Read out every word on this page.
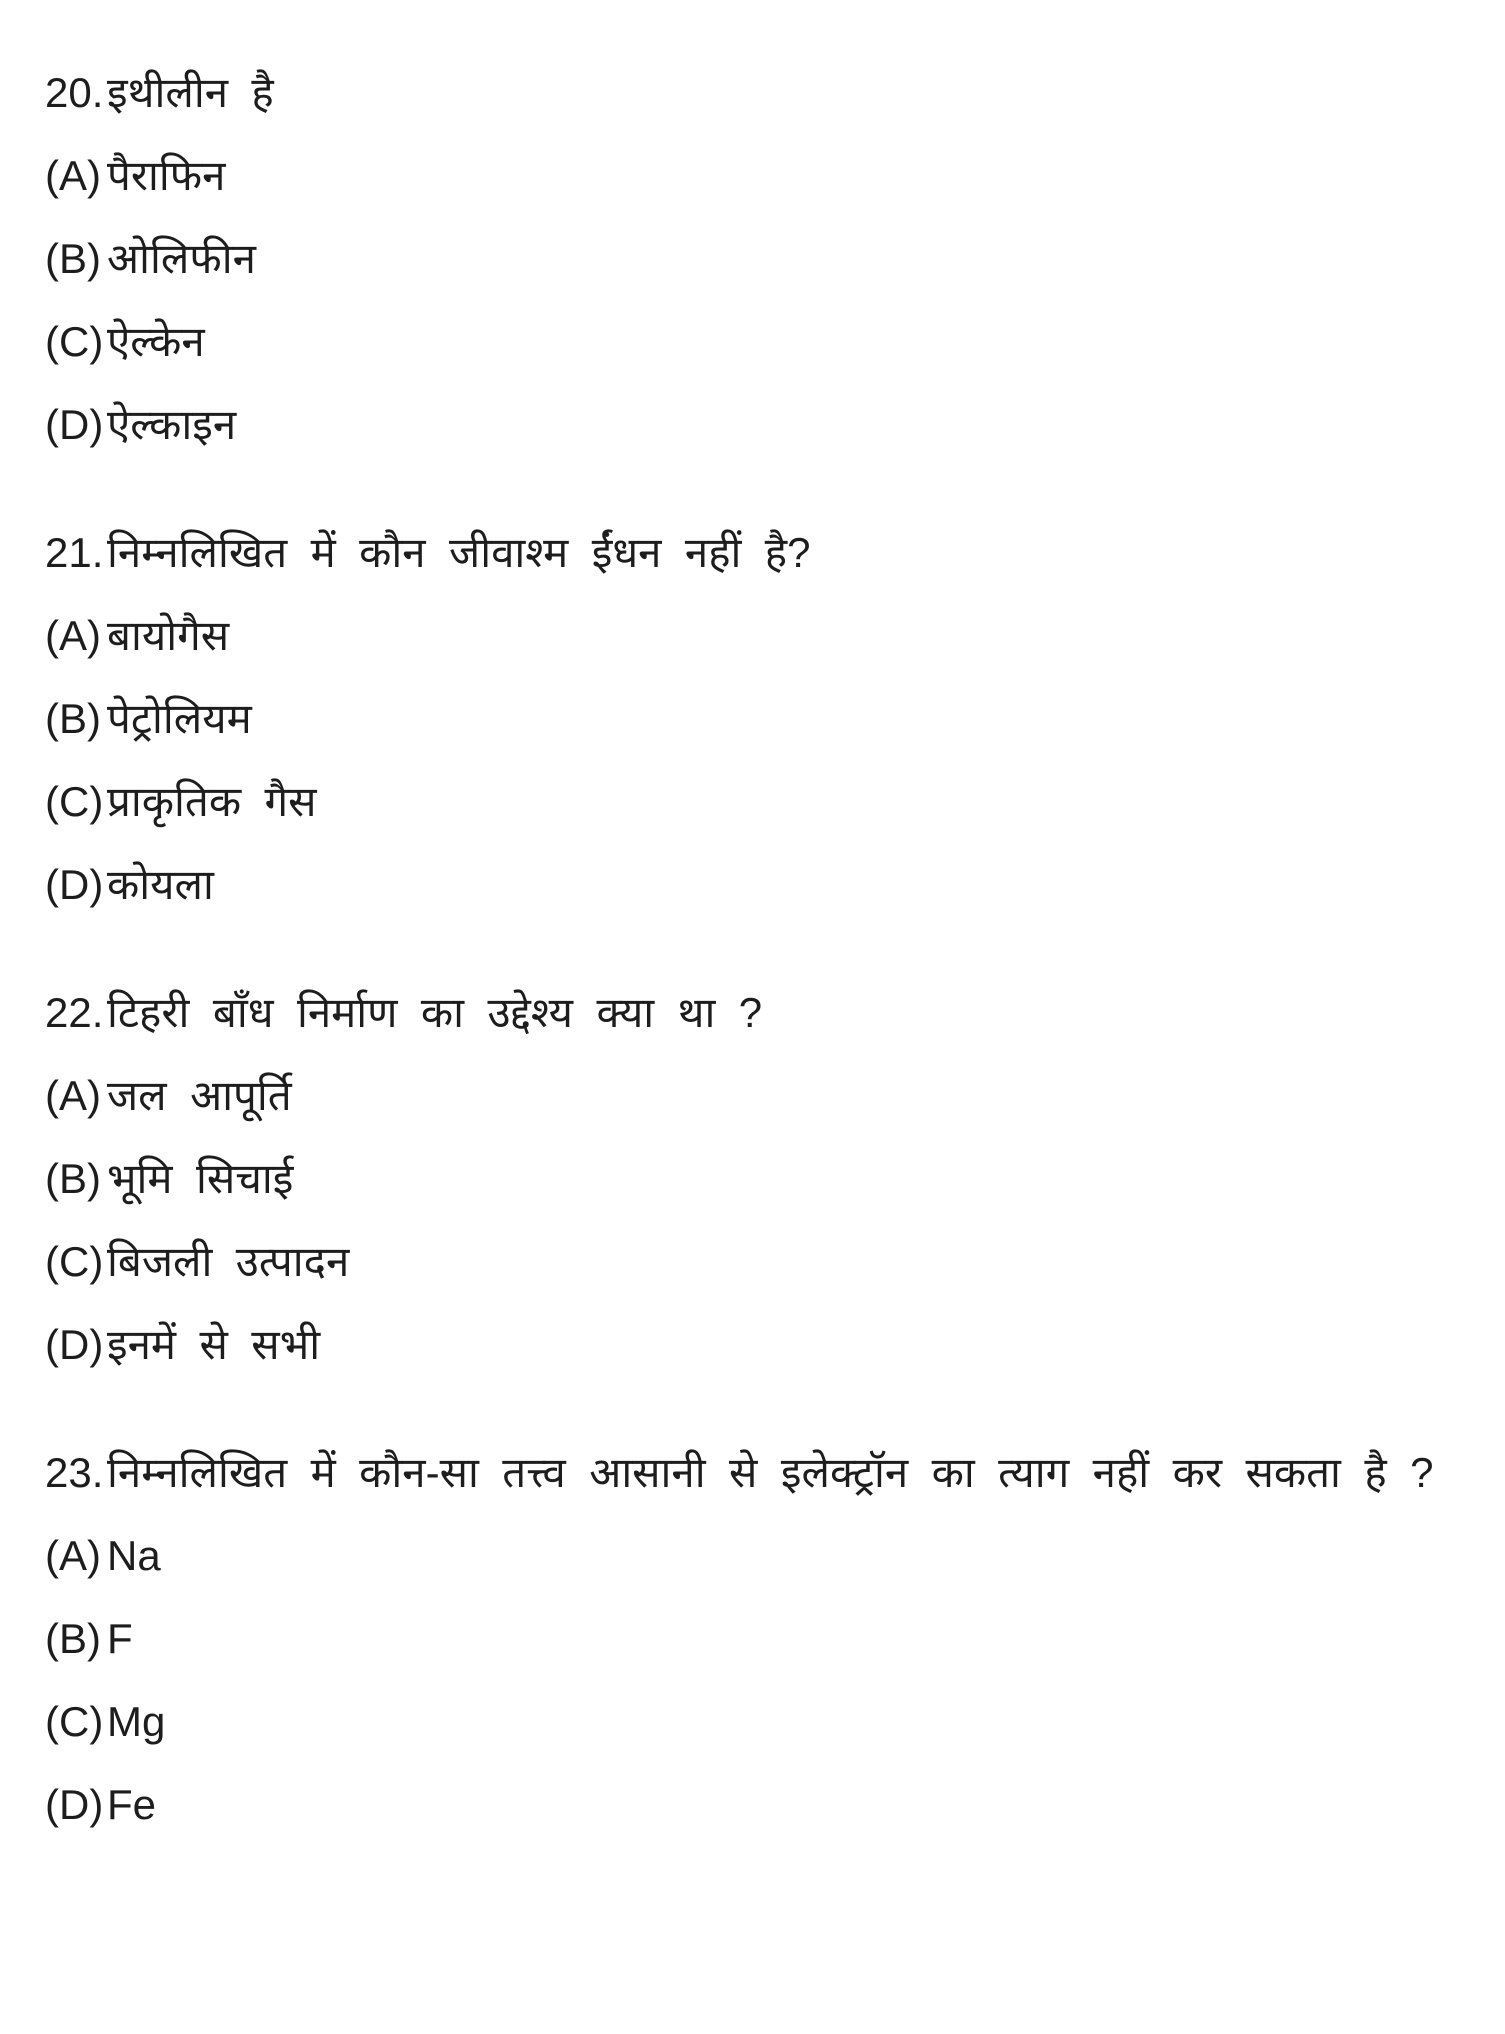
20. इथीलीन है
(A) पैराफिन
(B) ओलिफीन
(C) ऐल्केन
(D) ऐल्काइन
21. निम्नलिखित में कौन जीवाश्म ईंधन नहीं है?
(A) बायोगैस
(B) पेट्रोलियम
(C) प्राकृतिक गैस
(D) कोयला
22. टिहरी बाँध निर्माण का उद्देश्य क्या था ?
(A) जल आपूर्ति
(B) भूमि सिचाई
(C) बिजली उत्पादन
(D) इनमें से सभी
23. निम्नलिखित में कौन-सा तत्त्व आसानी से इलेक्ट्रॉन का त्याग नहीं कर सकता है ?
(A) Na
(B) F
(C) Mg
(D) Fe
